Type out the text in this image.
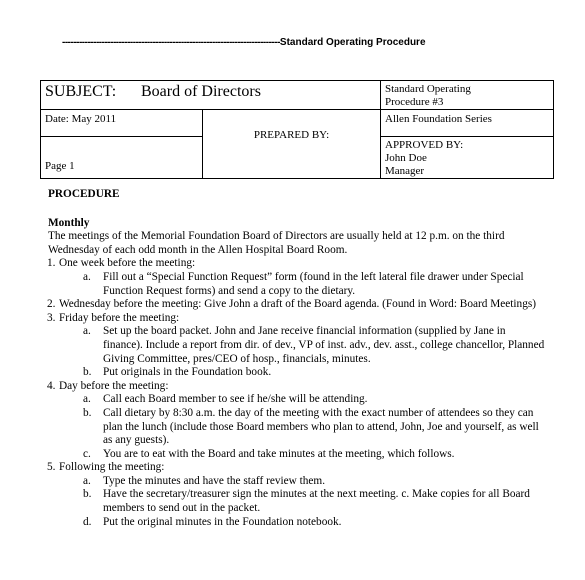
-----------------------------------------------------------------------------Standard Operating Procedure
SUBJECT: Board of Directors		Standard Operating
Procedure #3

Date: May 2011	PREPARED BY:	Allen Foundation Series
Page 1		APPROVED BY:
John Doe
Manager

PROCEDURE

Monthly

The meetings of the Memorial Foundation Board of Directors are usually held at 12 p.m. on the third Wednesday of each odd month in the Allen Hospital Board Room.

1. One week before the meeting:
a. Fill out a “Special Function Request” form (found in the left lateral file drawer under Special Function Request forms) and send a copy to the dietary.
2. Wednesday before the meeting: Give John a draft of the Board agenda. (Found in Word: Board Meetings)
3. Friday before the meeting:
a. Set up the board packet. John and Jane receive financial information (supplied by Jane in finance). Include a report from dir. of dev., VP of inst. adv., dev. asst., college chancellor, Planned Giving Committee, pres/CEO of hosp., financials, minutes.
b. Put originals in the Foundation book.
4. Day before the meeting:
a. Call each Board member to see if he/she will be attending.
b. Call dietary by 8:30 a.m. the day of the meeting with the exact number of attendees so they can plan the lunch (include those Board members who plan to attend, John, Joe and yourself, as well as any guests).
c. You are to eat with the Board and take minutes at the meeting, which follows.
5. Following the meeting:
a. Type the minutes and have the staff review them.
b. Have the secretary/treasurer sign the minutes at the next meeting. c. Make copies for all Board members to send out in the packet.
d. Put the original minutes in the Foundation notebook.
